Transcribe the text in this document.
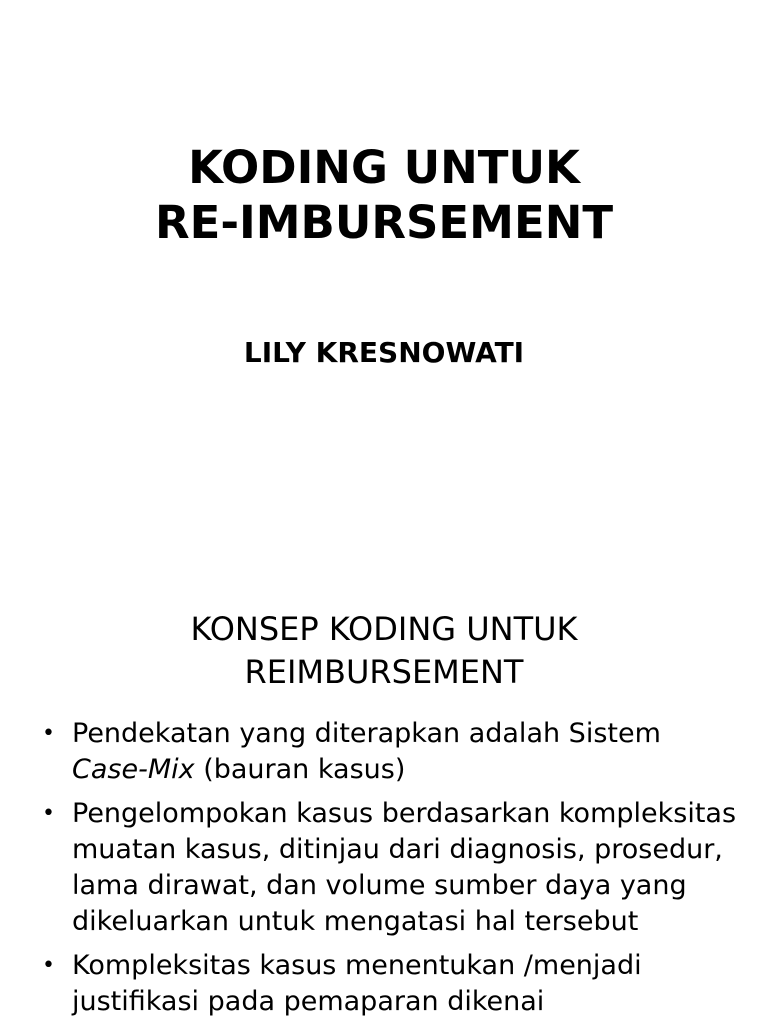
KODING UNTUK
RE-IMBURSEMENT
LILY KRESNOWATI
KONSEP KODING UNTUK
REIMBURSEMENT
• Pendekatan yang diterapkan adalah Sistem Case-Mix (bauran kasus)
• Pengelompokan kasus berdasarkan kompleksitas muatan kasus, ditinjau dari diagnosis, prosedur, lama dirawat, dan volume sumber daya yang dikeluarkan untuk mengatasi hal tersebut
• Kompleksitas kasus menentukan /menjadi justifikasi pada pemaparan dikenai
